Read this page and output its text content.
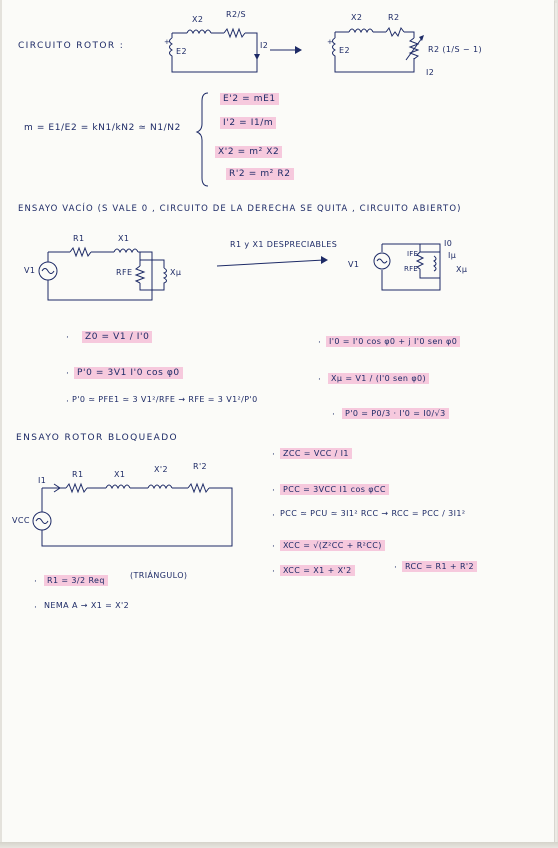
CIRCUITO ROTOR :
X2
R2/S
+
E2
I2
X2	R2
+
E2	R2 (1/S − 1)
I2
m = E1/E2 = kN1/kN2 ≃ N1/N2
E'2 = mE1
I'2 = I1/m
X'2 = m² X2
R'2 = m² R2
ENSAYO VACÍO (S VALE 0 , CIRCUITO DE LA DERECHA SE QUITA , CIRCUITO ABIERTO)
R1	X1
V1	RFE	Xμ
R1 y X1 DESPRECIABLES
V1
IFE
I0
Iμ
RFE	Xμ
·	Z0 = V1 / I'0
· P'0 = 3V1 I'0 cos φ0
· P'0 ≃ PFE1 ≃ 3 V1²/RFE → RFE = 3 V1²/P'0
· I'0 = I'0 cos φ0 + j I'0 sen φ0
·	Xμ = V1 / (I'0 sen φ0)
·	P'0 = P0/3 · I'0 = I0/√3
ENSAYO ROTOR BLOQUEADO
I1
R1	X1
X'2	R'2
VCC
· ZCC = VCC / I1
· PCC = 3VCC I1 cos φCC
· PCC ≃ PCU ≃ 3I1² RCC → RCC = PCC / 3I1²
· XCC = √(Z²CC + R²CC)
· XCC = X1 + X'2	· RCC = R1 + R'2
·	R1 = 3/2 Req
(TRIÁNGULO)
· NEMA A → X1 = X'2
